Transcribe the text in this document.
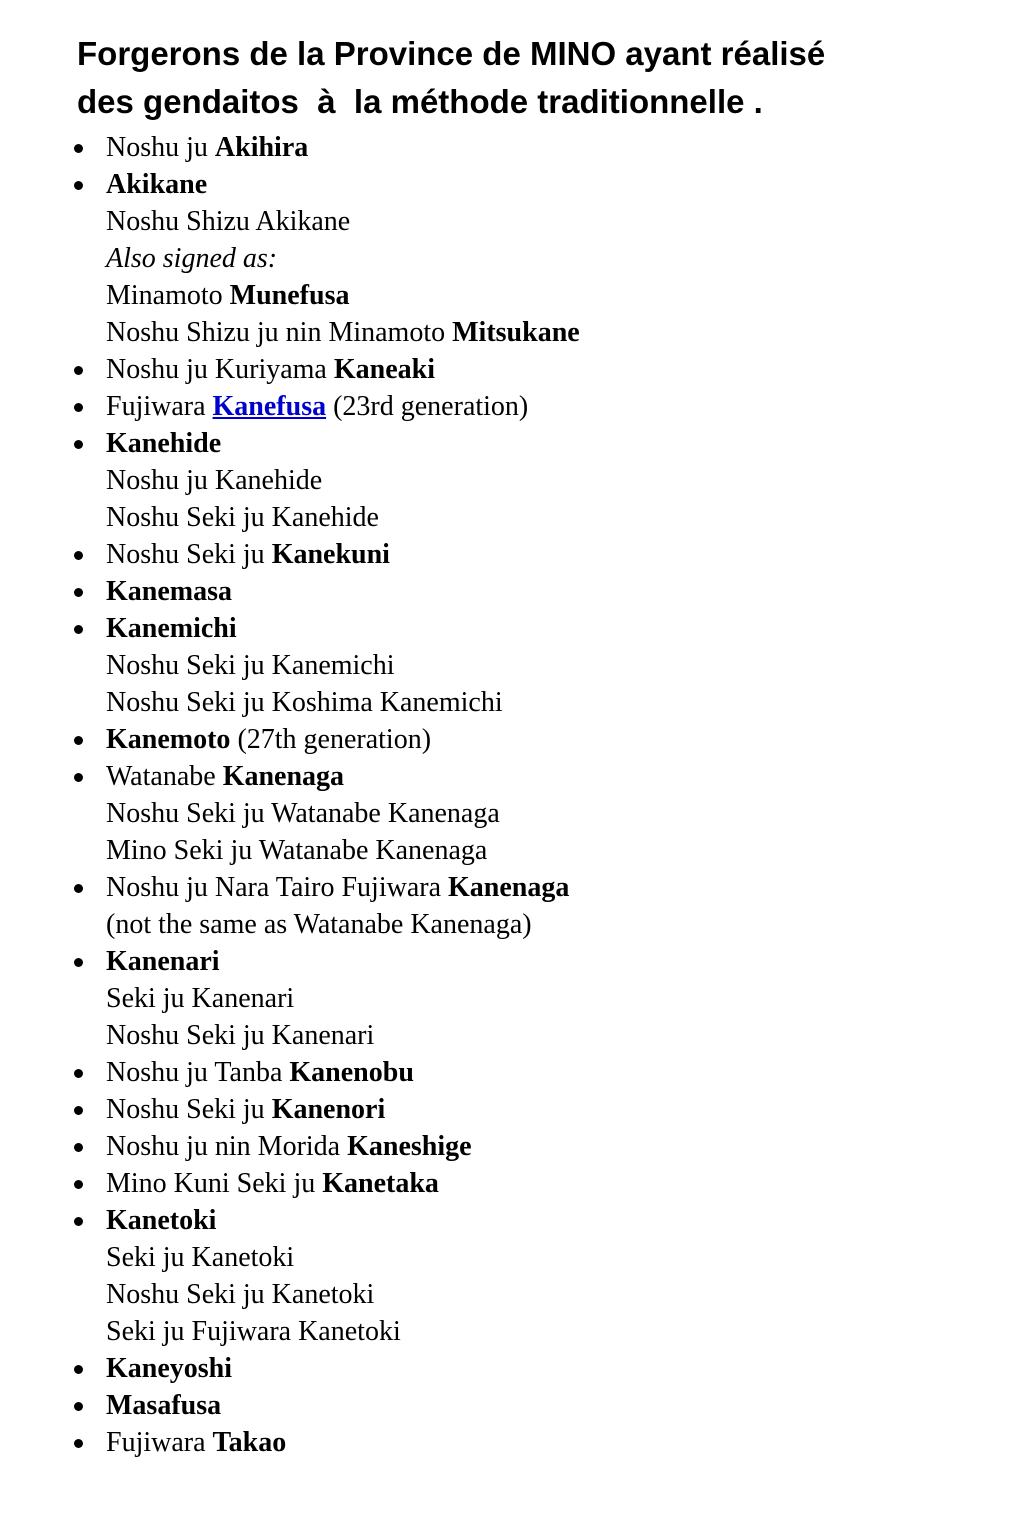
Forgerons de la Province de MINO ayant réalisé
des gendaitos  à  la méthode traditionnelle .
Noshu ju Akihira
Akikane
Noshu Shizu Akikane
Also signed as:
Minamoto Munefusa
Noshu Shizu ju nin Minamoto Mitsukane
Noshu ju Kuriyama Kaneaki
Fujiwara Kanefusa (23rd generation)
Kanehide
Noshu ju Kanehide
Noshu Seki ju Kanehide
Noshu Seki ju Kanekuni
Kanemasa
Kanemichi
Noshu Seki ju Kanemichi
Noshu Seki ju Koshima Kanemichi
Kanemoto (27th generation)
Watanabe Kanenaga
Noshu Seki ju Watanabe Kanenaga
Mino Seki ju Watanabe Kanenaga
Noshu ju Nara Tairo Fujiwara Kanenaga
(not the same as Watanabe Kanenaga)
Kanenari
Seki ju Kanenari
Noshu Seki ju Kanenari
Noshu ju Tanba Kanenobu
Noshu Seki ju Kanenori
Noshu ju nin Morida Kaneshige
Mino Kuni Seki ju Kanetaka
Kanetoki
Seki ju Kanetoki
Noshu Seki ju Kanetoki
Seki ju Fujiwara Kanetoki
Kaneyoshi
Masafusa
Fujiwara Takao
